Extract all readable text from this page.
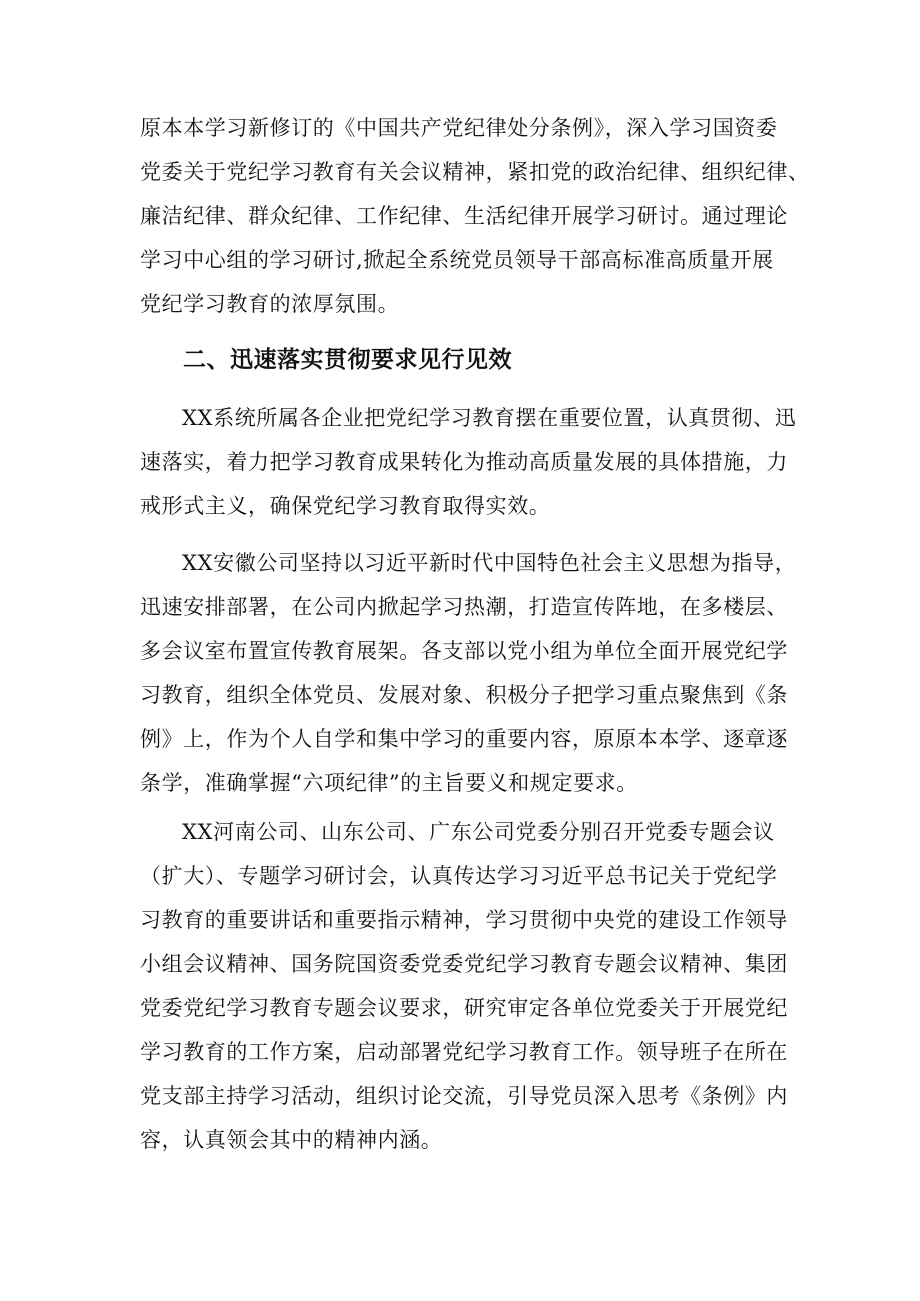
原本本学习新修订的《中国共产党纪律处分条例》，深入学习国资委
党委关于党纪学习教育有关会议精神，紧扣党的政治纪律、组织纪律、
廉洁纪律、群众纪律、工作纪律、生活纪律开展学习研讨。通过理论
学习中心组的学习研讨,掀起全系统党员领导干部高标准高质量开展
党纪学习教育的浓厚氛围。
二、迅速落实贯彻要求见行见效
XX系统所属各企业把党纪学习教育摆在重要位置，认真贯彻、迅
速落实，着力把学习教育成果转化为推动高质量发展的具体措施，力
戒形式主义，确保党纪学习教育取得实效。
XX安徽公司坚持以习近平新时代中国特色社会主义思想为指导，
迅速安排部署，在公司内掀起学习热潮，打造宣传阵地，在多楼层、
多会议室布置宣传教育展架。各支部以党小组为单位全面开展党纪学
习教育，组织全体党员、发展对象、积极分子把学习重点聚焦到《条
例》上，作为个人自学和集中学习的重要内容，原原本本学、逐章逐
条学，准确掌握“六项纪律”的主旨要义和规定要求。
XX河南公司、山东公司、广东公司党委分别召开党委专题会议
（扩大）、专题学习研讨会，认真传达学习习近平总书记关于党纪学
习教育的重要讲话和重要指示精神，学习贯彻中央党的建设工作领导
小组会议精神、国务院国资委党委党纪学习教育专题会议精神、集团
党委党纪学习教育专题会议要求，研究审定各单位党委关于开展党纪
学习教育的工作方案，启动部署党纪学习教育工作。领导班子在所在
党支部主持学习活动，组织讨论交流，引导党员深入思考《条例》内
容，认真领会其中的精神内涵。
